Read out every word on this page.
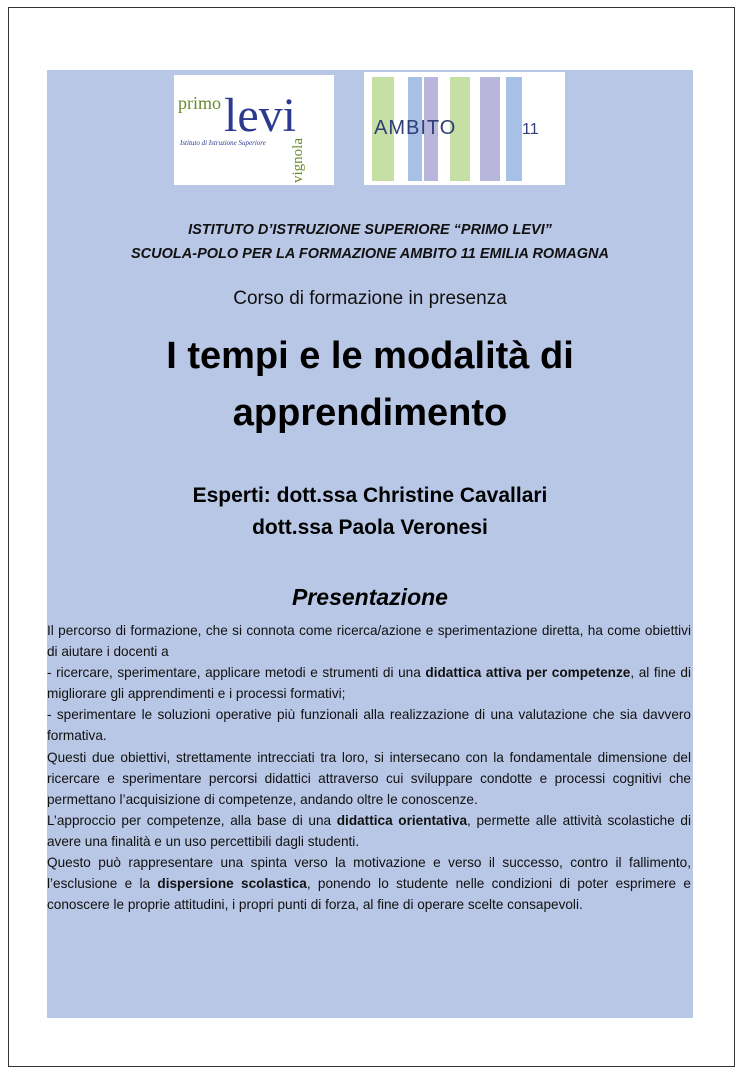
primo levi
Istituto di Istruzione Superiore vignola
AMBITO	11
ISTITUTO D’ISTRUZIONE SUPERIORE “PRIMO LEVI”
SCUOLA-POLO PER LA FORMAZIONE AMBITO 11 EMILIA ROMAGNA
Corso di formazione in presenza
I tempi e le modalità di
apprendimento
Esperti: dott.ssa Christine Cavallari
dott.ssa Paola Veronesi
Presentazione

Il percorso di formazione, che si connota come ricerca/azione e sperimentazione diretta, ha come obiettivi di aiutare i docenti a

- ricercare, sperimentare, applicare metodi e strumenti di una didattica attiva per competenze, al fine di migliorare gli apprendimenti e i processi formativi;

- sperimentare le soluzioni operative più funzionali alla realizzazione di una valutazione che sia davvero formativa.

Questi due obiettivi, strettamente intrecciati tra loro, si intersecano con la fondamentale dimensione del ricercare e sperimentare percorsi didattici attraverso cui sviluppare condotte e processi cognitivi che permettano l’acquisizione di competenze, andando oltre le conoscenze.

L’approccio per competenze, alla base di una didattica orientativa, permette alle attività scolastiche di avere una finalità e un uso percettibili dagli studenti.

Questo può rappresentare una spinta verso la motivazione e verso il successo, contro il fallimento, l’esclusione e la dispersione scolastica, ponendo lo studente nelle condizioni di poter esprimere e conoscere le proprie attitudini, i propri punti di forza, al fine di operare scelte consapevoli.
